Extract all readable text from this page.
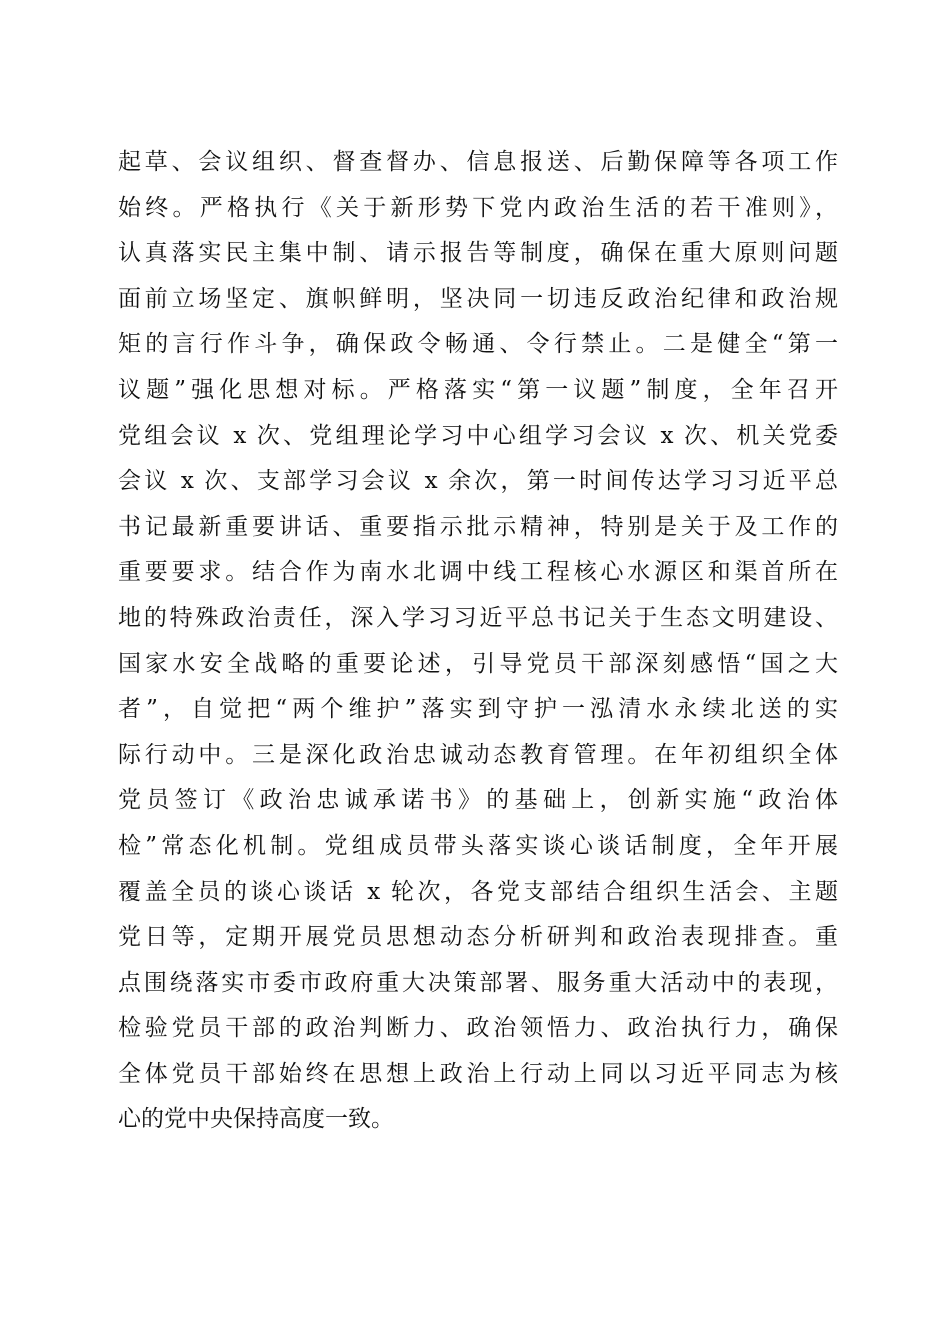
起草、会议组织、督查督办、信息报送、后勤保障等各项工作
始终。严格执行《关于新形势下党内政治生活的若干准则》，
认真落实民主集中制、请示报告等制度，确保在重大原则问题
面前立场坚定、旗帜鲜明，坚决同一切违反政治纪律和政治规
矩的言行作斗争，确保政令畅通、令行禁止。二是健全“第一
议题”强化思想对标。严格落实“第一议题”制度，全年召开
党组会议 x 次、党组理论学习中心组学习会议 x 次、机关党委
会议 x 次、支部学习会议 x 余次，第一时间传达学习习近平总
书记最新重要讲话、重要指示批示精神，特别是关于及工作的
重要要求。结合作为南水北调中线工程核心水源区和渠首所在
地的特殊政治责任，深入学习习近平总书记关于生态文明建设、
国家水安全战略的重要论述，引导党员干部深刻感悟“国之大
者”，自觉把“两个维护”落实到守护一泓清水永续北送的实
际行动中。三是深化政治忠诚动态教育管理。在年初组织全体
党员签订《政治忠诚承诺书》的基础上，创新实施“政治体
检”常态化机制。党组成员带头落实谈心谈话制度，全年开展
覆盖全员的谈心谈话 x 轮次，各党支部结合组织生活会、主题
党日等，定期开展党员思想动态分析研判和政治表现排查。重
点围绕落实市委市政府重大决策部署、服务重大活动中的表现，
检验党员干部的政治判断力、政治领悟力、政治执行力，确保
全体党员干部始终在思想上政治上行动上同以习近平同志为核
心的党中央保持高度一致。
